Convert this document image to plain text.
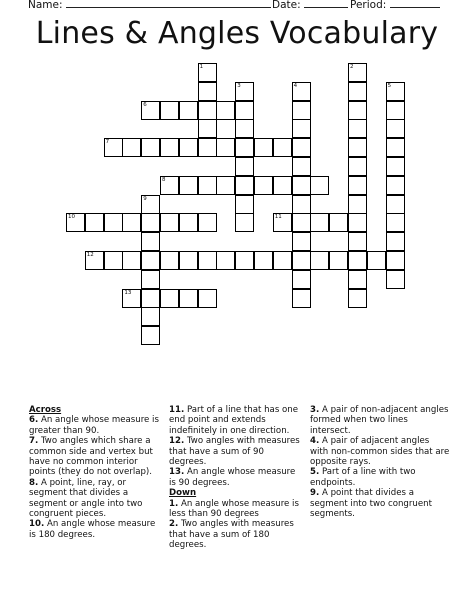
Name:	Date:	Period:
Lines & Angles Vocabulary
6
7
8
10	11
12
13
1	2
3	4	5
9
Across
6. An angle whose measure is greater than 90.
7. Two angles which share a common side and vertex but have no common interior points (they do not overlap).
8. A point, line, ray, or segment that divides a segment or angle into two congruent pieces.
10. An angle whose measure is 180 degrees.
11. Part of a line that has one end point and extends indefinitely in one direction.
12. Two angles with measures that have a sum of 90 degrees.
13. An angle whose measure is 90 degrees.
Down
1. An angle whose measure is less than 90 degrees
2. Two angles with measures that have a sum of 180 degrees.
3. A pair of non-adjacent angles formed when two lines intersect.
4. A pair of adjacent angles with non-common sides that are opposite rays.
5. Part of a line with two endpoints.
9. A point that divides a segment into two congruent segments.
